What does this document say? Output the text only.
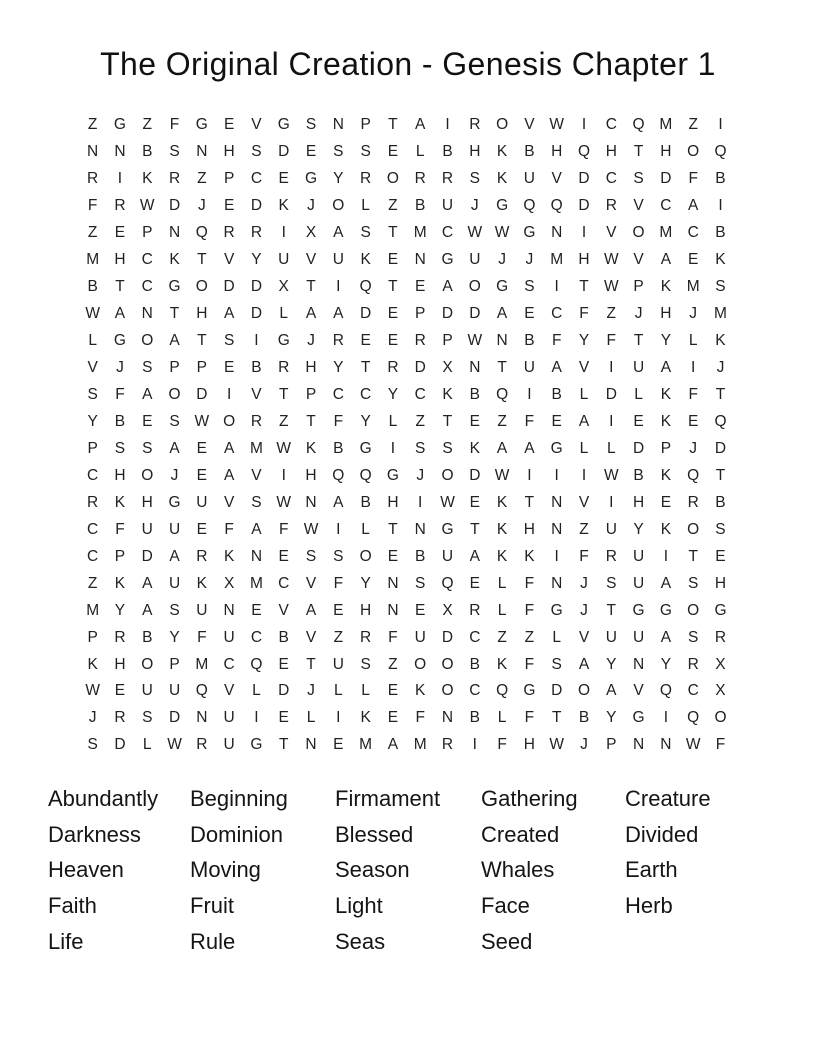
The Original Creation - Genesis Chapter 1
Z	G	Z	F	G	E	V	G	S	N	P	T	A	I	R	O	V W	I	C	Q M	Z	I
N	N	B	S	N	H	S	D	E	S	S	E	L	B	H	K	B	H	Q	H	T	H	O Q
R	I	K	R	Z	P	C	E	G	Y	R	O	R	R	S	K	U	V	D	C	S	D	F	B
F	R W D	J	E	D	K	J	O	L	Z	B	U	J	G Q Q	D	R	V	C	A	I
Z	E	P	N	Q	R	R	I	X	A	S	T	M C W W G	N	I	V	O M C	B
M H	C	K	T	V	Y	U	V	U	K	E	N	G	U	J	J	M H W V	A	E	K
B	T	C	G O	D	D	X	T	I	Q	T	E	A	O G	S	I	T W P	K	M	S
W A	N	T	H	A	D	L	A	A	D	E	P	D	D	A	E	C	F	Z	J	H	J	M
L	G O	A	T	S	I	G	J	R	E	E	R	P W N	B	F	Y	F	T	Y	L	K
V	J	S	P	P	E	B	R	H	Y	T	R	D	X	N	T	U	A	V	I	U	A	I	J
S	F	A	O	D	I	V	T	P	C	C	Y	C	K	B	Q	I	B	L	D	L	K	F	T
Y	B	E	S W O	R	Z	T	F	Y	L	Z	T	E	Z	F	E	A	I	E	K	E	Q
P	S	S	A	E	A	M W K	B	G	I	S	S	K	A	A	G	L	L	D	P	J	D
C	H	O	J	E	A	V	I	H	Q Q G	J	O	D W	I	I	I	W B	K	Q	T
R	K	H	G	U	V	S W N	A	B	H	I	W E	K	T	N	V	I	H	E	R	B
C	F	U	U	E	F	A	F W	I	L	T	N	G	T	K	H	N	Z	U	Y	K	O	S
C	P	D	A	R	K	N	E	S	S	O	E	B	U	A	K	K	I	F	R	U	I	T	E
Z	K	A	U	K	X	M C	V	F	Y	N	S	Q	E	L	F	N	J	S	U	A	S	H
M	Y	A	S	U	N	E	V	A	E	H	N	E	X	R	L	F	G	J	T	G G O G
P	R	B	Y	F	U	C	B	V	Z	R	F	U	D	C	Z	Z	L	V	U	U	A	S	R
K	H	O	P	M C	Q	E	T	U	S	Z	O O	B	K	F	S	A	Y	N	Y	R	X
W E	U	U	Q	V	L	D	J	L	L	E	K	O	C	Q G	D	O	A	V	Q	C	X
J	R	S	D	N	U	I	E	L	I	K	E	F	N	B	L	F	T	B	Y	G	I	Q O
S	D	L	W R	U	G	T	N	E	M	A	M R	I	F	H W	J	P	N	N W F
Abundantly	Beginning	Firmament	Gathering	Creature
Darkness	Dominion	Blessed	Created	Divided
Heaven	Moving	Season	Whales	Earth
Faith	Fruit	Light	Face	Herb
Life	Rule	Seas	Seed
